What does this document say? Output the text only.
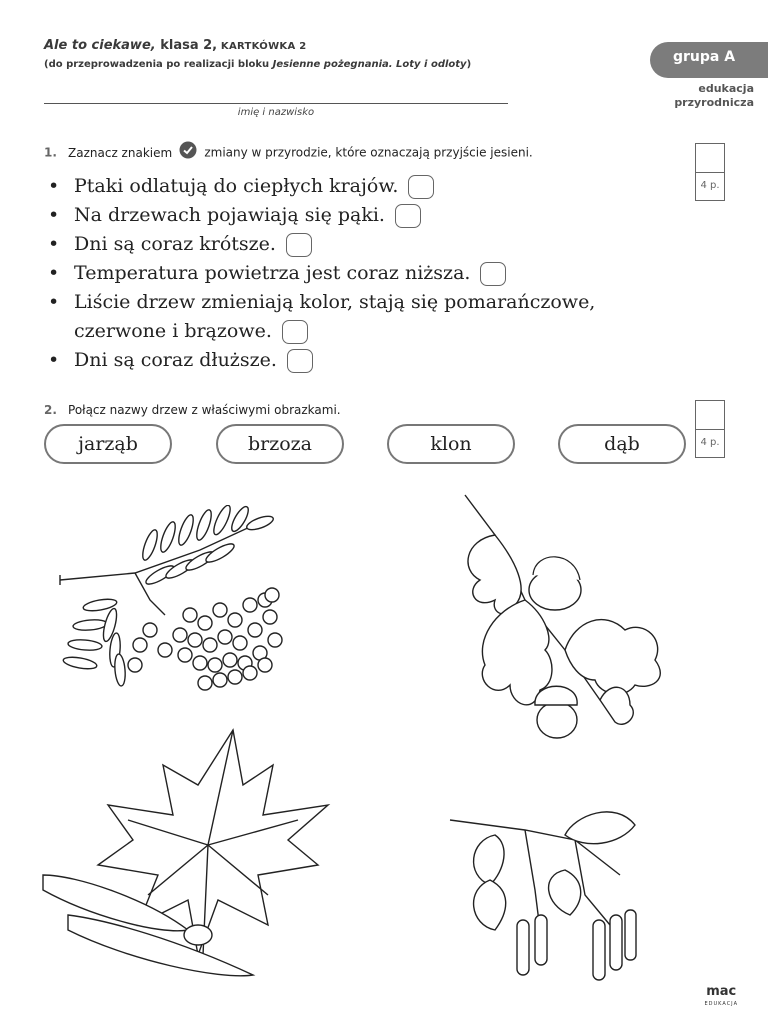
Ale to ciekawe, klasa 2, KARTKÓWKA 2
(do przeprowadzenia po realizacji bloku Jesienne pożegnania. Loty i odloty)
imię i nazwisko
grupa A
edukacja
przyrodnicza
1. Zaznacz znakiem	zmiany w przyrodzie, które oznaczają przyjście jesieni.
4 p.
• Ptaki odlatują do ciepłych krajów.
• Na drzewach pojawiają się pąki.
• Dni są coraz krótsze.
• Temperatura powietrza jest coraz niższa.
• Liście drzew zmieniają kolor, stają się pomarańczowe, czerwone i brązowe.
• Dni są coraz dłuższe.
2. Połącz nazwy drzew z właściwymi obrazkami.
4 p.
jarząb	brzoza	klon	dąb
mac
EDUKACJA
